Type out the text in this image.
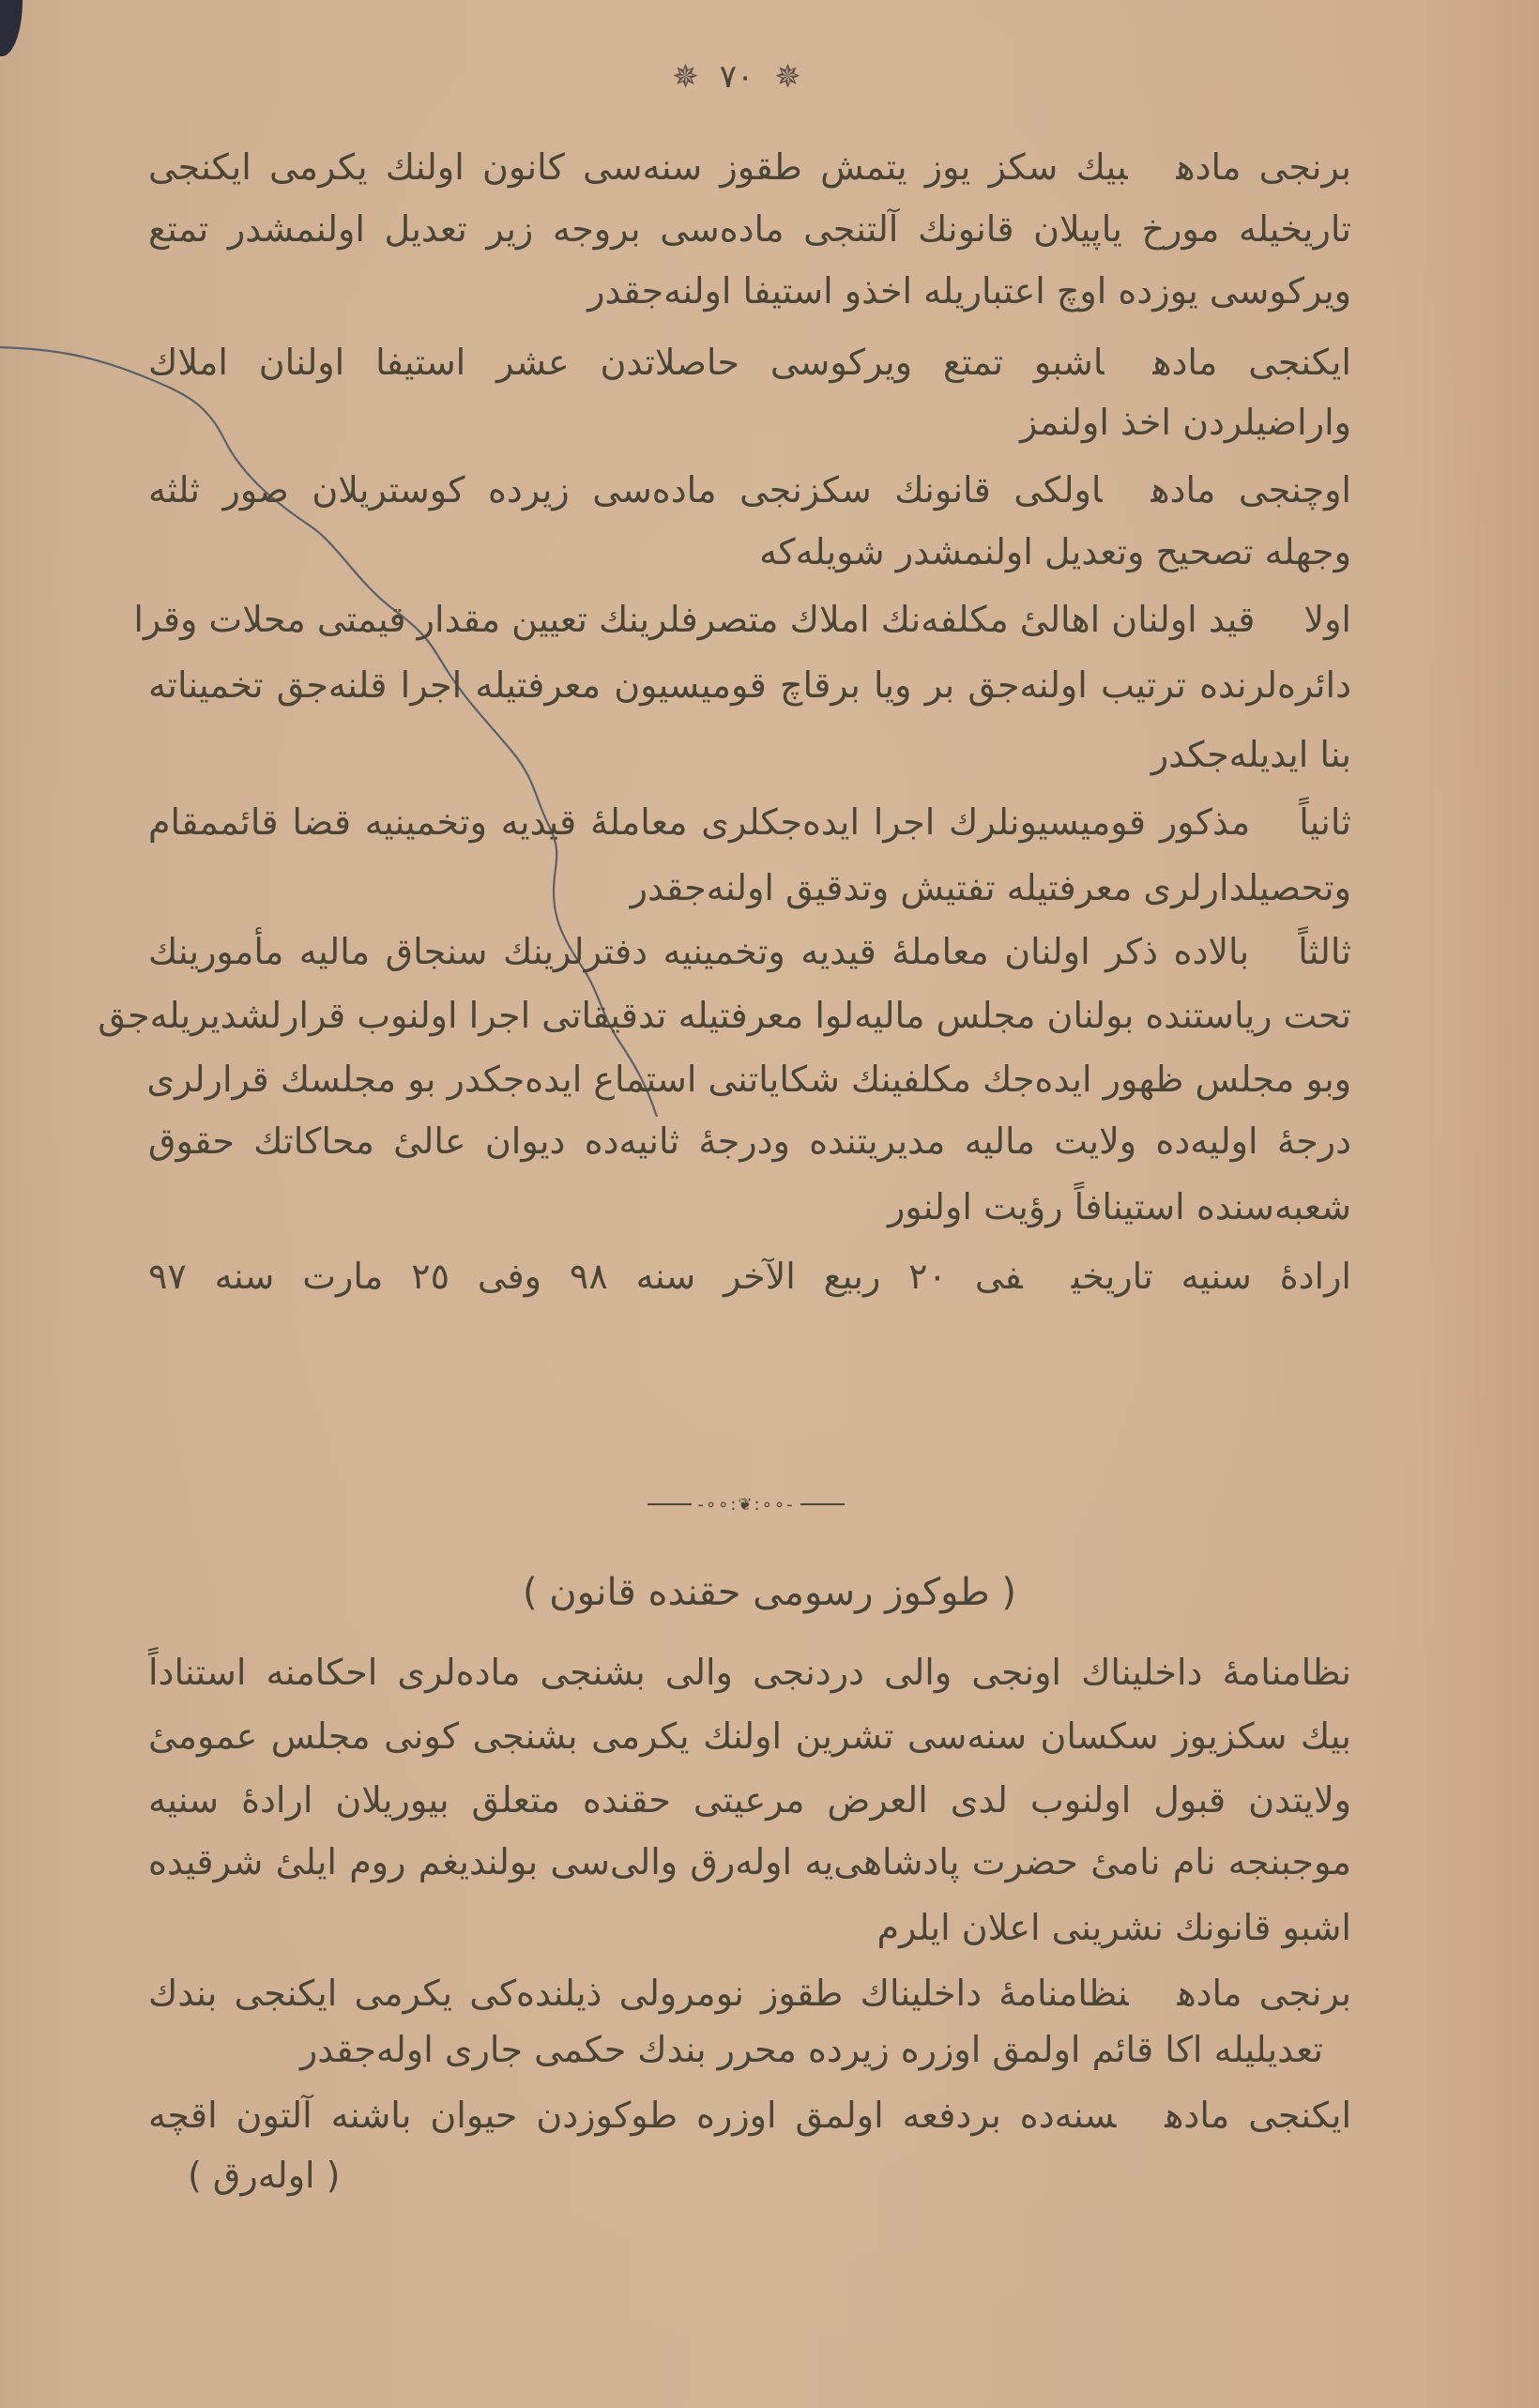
✵ ٧٠ ✵
برنجی مادهبيك سكز يوز يتمش طقوز سنه‌سی كانون اولنك يكرمی ايكنجی
تاريخيله مورخ ياپيلان قانونك آلتنجی ماده‌سی بروجه زير تعديل اولنمشدر تمتع
ويركوسی يوزده اوچ اعتباريله اخذو استيفا اولنه‌جقدر
ايكنجی مادهاشبو تمتع ويركوسی حاصلاتدن عشر استيفا اولنان املاك
واراضيلردن اخذ اولنمز
اوچنجی مادهاولكی قانونك سكزنجی ماده‌سی زيرده كوستريلان صور ثلثه
وجهله تصحيح وتعديل اولنمشدر شويله‌كه
اولاقيد اولنان اهالیٔ مكلفه‌نك املاك متصرفلرينك تعيين مقدار قيمتی محلات وقرا
دائره‌لرنده ترتيب اولنه‌جق بر ويا برقاچ قوميسيون معرفتيله اجرا قلنه‌جق تخميناته
بنا ايديله‌جكدر
ثانياًمذكور قوميسيونلرك اجرا ايده‌جكلری معاملهٔ قيديه وتخمينيه قضا قائممقام
وتحصيلدارلری معرفتيله تفتيش وتدقيق اولنه‌جقدر
ثالثاًبالاده ذكر اولنان معاملهٔ قيديه وتخمينيه دفترلرينك سنجاق ماليه مأمورينك
تحت رياستنده بولنان مجلس ماليه‌لوا معرفتيله تدقيقاتی اجرا اولنوب قرارلشديريله‌جق
وبو مجلس ظهور ايده‌جك مكلفينك شكاياتنی استماع ايده‌جكدر بو مجلسك قرارلری
درجهٔ اوليه‌ده ولايت ماليه مديريتنده ودرجهٔ ثانيه‌ده ديوان عالیٔ محاكاتك حقوق
شعبه‌سنده استينافاً رؤيت اولنور
ارادهٔ سنيه تاريخیفی ٢٠ ربيع الآخر سنه ٩٨ وفی ٢٥ مارت سنه ٩٧
-∘∘:❦:∘∘-
( طوكوز رسومی حقنده قانون )
نظامنامهٔ داخليناك اونجی والی دردنجی والی بشنجی ماده‌لری احكامنه استناداً
بيك سكزيوز سكسان سنه‌سی تشرين اولنك يكرمی بشنجی كونی مجلس عمومیٔ
ولايتدن قبول اولنوب لدی العرض مرعيتی حقنده متعلق بيوريلان ارادهٔ سنيه
موجبنجه نام نامیٔ حضرت پادشاهی‌يه اوله‌رق والی‌سی بولنديغم روم ايلیٔ شرقيده
اشبو قانونك نشرينی اعلان ايلرم
برنجی مادهنظامنامهٔ داخليناك طقوز نومرولی ذيلنده‌كی يكرمی ايكنجی بندك
تعديليله اكا قائم اولمق اوزره زيرده محرر بندك حكمی جاری اوله‌جقدر
ايكنجی مادهسنه‌ده بردفعه اولمق اوزره طوكوزدن حيوان باشنه آلتون اقچه
( اوله‌رق )
